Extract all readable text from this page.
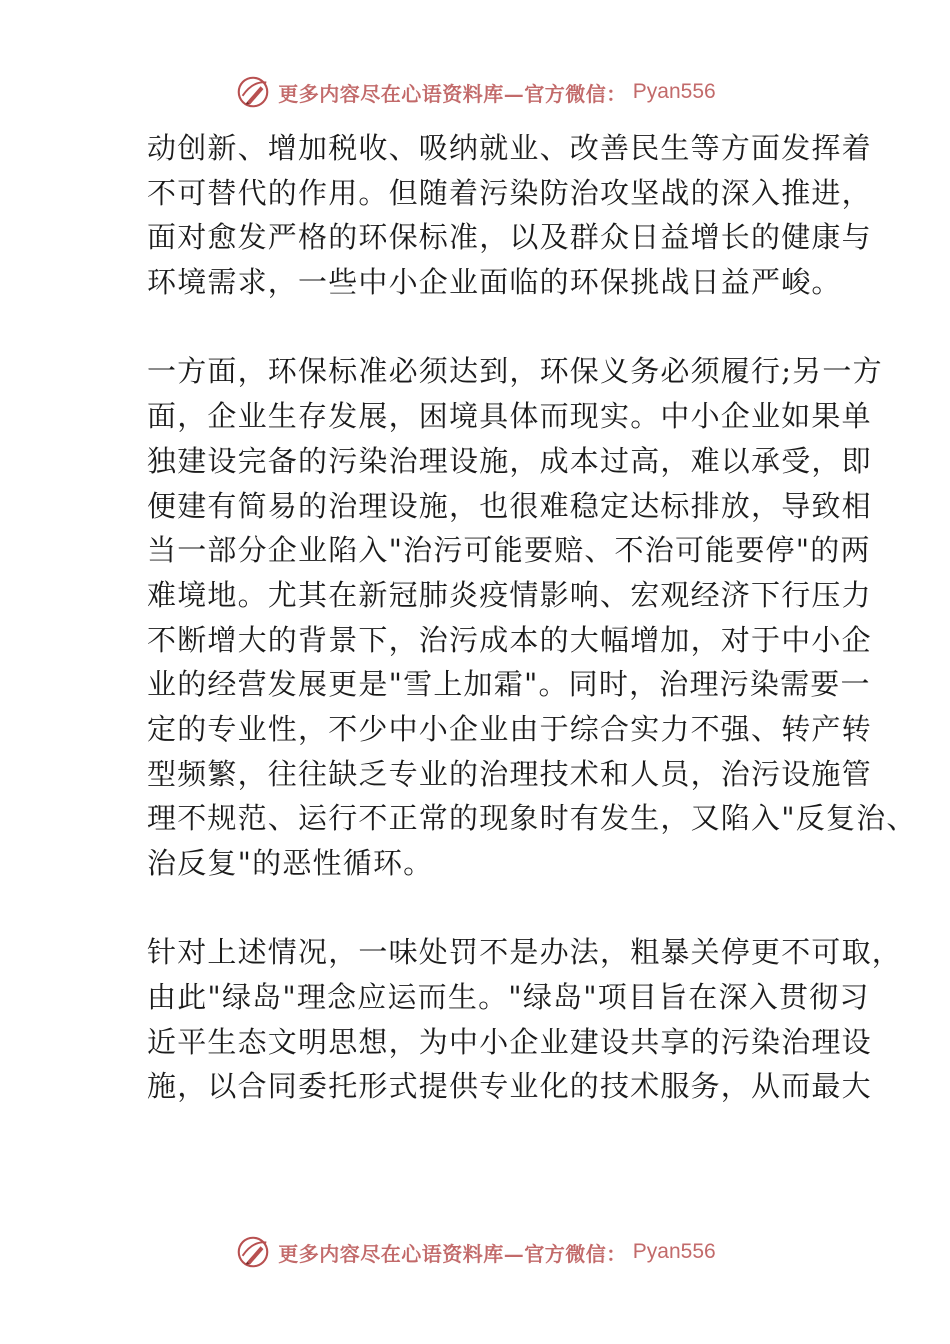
更多内容尽在心语资料库—官方微信： Pyan556
动创新、增加税收、吸纳就业、改善民生等方面发挥着
不可替代的作用。但随着污染防治攻坚战的深入推进，
面对愈发严格的环保标准，以及群众日益增长的健康与
环境需求，一些中小企业面临的环保挑战日益严峻。
一方面，环保标准必须达到，环保义务必须履行;另一方
面，企业生存发展，困境具体而现实。中小企业如果单
独建设完备的污染治理设施，成本过高，难以承受，即
便建有简易的治理设施，也很难稳定达标排放，导致相
当一部分企业陷入"治污可能要赔、不治可能要停"的两
难境地。尤其在新冠肺炎疫情影响、宏观经济下行压力
不断增大的背景下，治污成本的大幅增加，对于中小企
业的经营发展更是"雪上加霜"。同时，治理污染需要一
定的专业性，不少中小企业由于综合实力不强、转产转
型频繁，往往缺乏专业的治理技术和人员，治污设施管
理不规范、运行不正常的现象时有发生，又陷入"反复治、
治反复"的恶性循环。
针对上述情况，一味处罚不是办法，粗暴关停更不可取，
由此"绿岛"理念应运而生。"绿岛"项目旨在深入贯彻习
近平生态文明思想，为中小企业建设共享的污染治理设
施，以合同委托形式提供专业化的技术服务，从而最大
更多内容尽在心语资料库—官方微信： Pyan556
